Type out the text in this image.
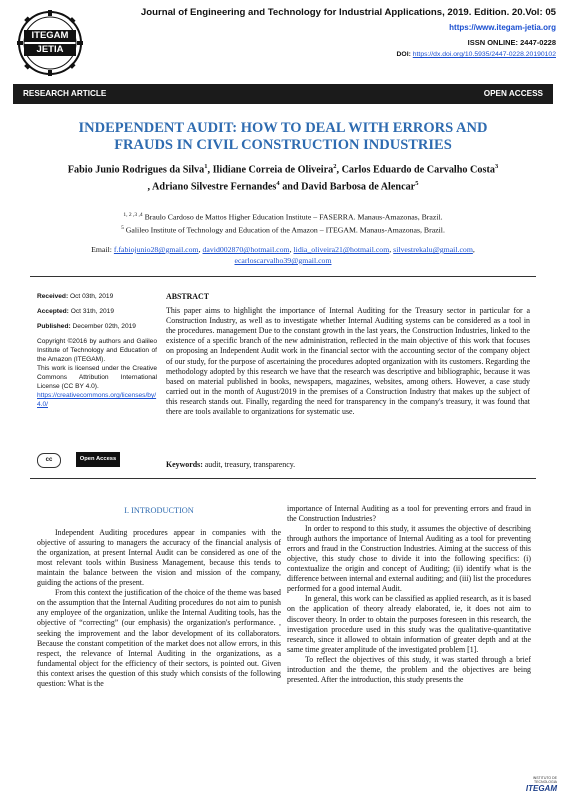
ITEGAM JETIA
Journal of Engineering and Technology for Industrial Applications, 2019. Edition. 20.Vol: 05
https://www.itegam-jetia.org
ISSN ONLINE: 2447-0228
DOI: https://dx.doi.org/10.5935/2447-0228.20190102
RESEARCH ARTICLE	OPEN ACCESS
INDEPENDENT AUDIT: HOW TO DEAL WITH ERRORS AND
FRAUDS IN CIVIL CONSTRUCTION INDUSTRIES
Fabio Junio Rodrigues da Silva$^1$, Ilidiane Correia de Oliveira$^2$, Carlos Eduardo de Carvalho Costa$^3$
, Adriano Silvestre Fernandes$^4$ and David Barbosa de Alencar$^5$
$^{1, 2 ,3 ,4}$ Braulo Cardoso de Mattos Higher Education Institute – FASERRA. Manaus-Amazonas, Brazil.
$^5$ Galileo Institute of Technology and Education of the Amazon – ITEGAM. Manaus-Amazonas, Brazil.
Email: f.fabiojunio28@gmail.com, david002870@hotmail.com, lidia_oliveira21@hotmail.com, silvestrekalu@gmail.com,
ecarloscarvalho39@gmail.com
Received: Oct 03th, 2019
Accepted: Oct 31th, 2019
Published: December 02th, 2019
Copyright ©2016 by authors and Galileo Institute of Technology and Education of the Amazon (ITEGAM).
This work is licensed under the Creative Commons Attribution International License (CC BY 4.0).
https://creativecommons.org/licenses/by/4.0/
cc	Open Access
ABSTRACT
This paper aims to highlight the importance of Internal Auditing for the Treasury sector in particular for a Construction Industry, as well as to investigate whether Internal Auditing systems can be considered as a tool in the procedures. management Due to the constant growth in the last years, the Construction Industries, linked to the existence of a specific branch of the new administration, reflected in the main objective of this work that focuses on proposing an Independent Audit work in the financial sector with the accounting sector of the company object of our study, for the purpose of ascertaining the procedures adopted organization with its customers. Regarding the methodology adopted by this research we have that the research was descriptive and bibliographic, because it was based on material published in books, newspapers, magazines, websites, among others. However, a case study carried out in the month of August/2019 in the premises of a Construction Industry that makes up the subject of this research stands out. Finally, regarding the need for transparency in the company's treasury, it was found that there are tools available to organizations for systematic use.
Keywords: audit, treasury, transparency.

I. INTRODUCTION

Independent Auditing procedures appear in companies with the objective of assuring to managers the accuracy of the financial analysis of the organization, at present Internal Audit can be considered as one of the most relevant tools within Business Management, because this tends to maintain the balance between the vision and mission of the company, guiding the actions of the present.

From this context the justification of the choice of the theme was based on the assumption that the Internal Auditing procedures do not aim to punish any employee of the organization, unlike the Internal Auditing tools, has the objective of “correcting” (our emphasis) the organization's performance. , seeking the improvement and the labor development of its collaborators. Because the constant competition of the market does not allow errors, in this respect, the relevance of Internal Auditing in the organizations, as a fundamental object for the efficiency of their sectors, is pointed out. Given this context arises the question of this study which consists of the following question: What is the

importance of Internal Auditing as a tool for preventing errors and fraud in the Construction Industries?

In order to respond to this study, it assumes the objective of describing through authors the importance of Internal Auditing as a tool for preventing errors and fraud in the Construction Industries. Aiming at the success of this objective, this study chose to divide it into the following specifics: (i) contextualize the origin and concept of Auditing; (ii) identify what is the difference between internal and external auditing; and (iii) list the procedures performed for a good internal Audit.

In general, this work can be classified as applied research, as it is based on the application of theory already elaborated, ie, it does not aim to discover theory. In order to obtain the purposes foreseen in this research, the investigation procedure used in this study was the qualitative-quantitative research, since it allowed to obtain information of greater depth and at the same time greater amplitude of the investigated problem [1].

To reflect the objectives of this study, it was started through a brief introduction and the theme, the problem and the objectives are being presented. After the introduction, this study presents the

INSTITUTO DE
TECNOLOGIA
ITEGAM
